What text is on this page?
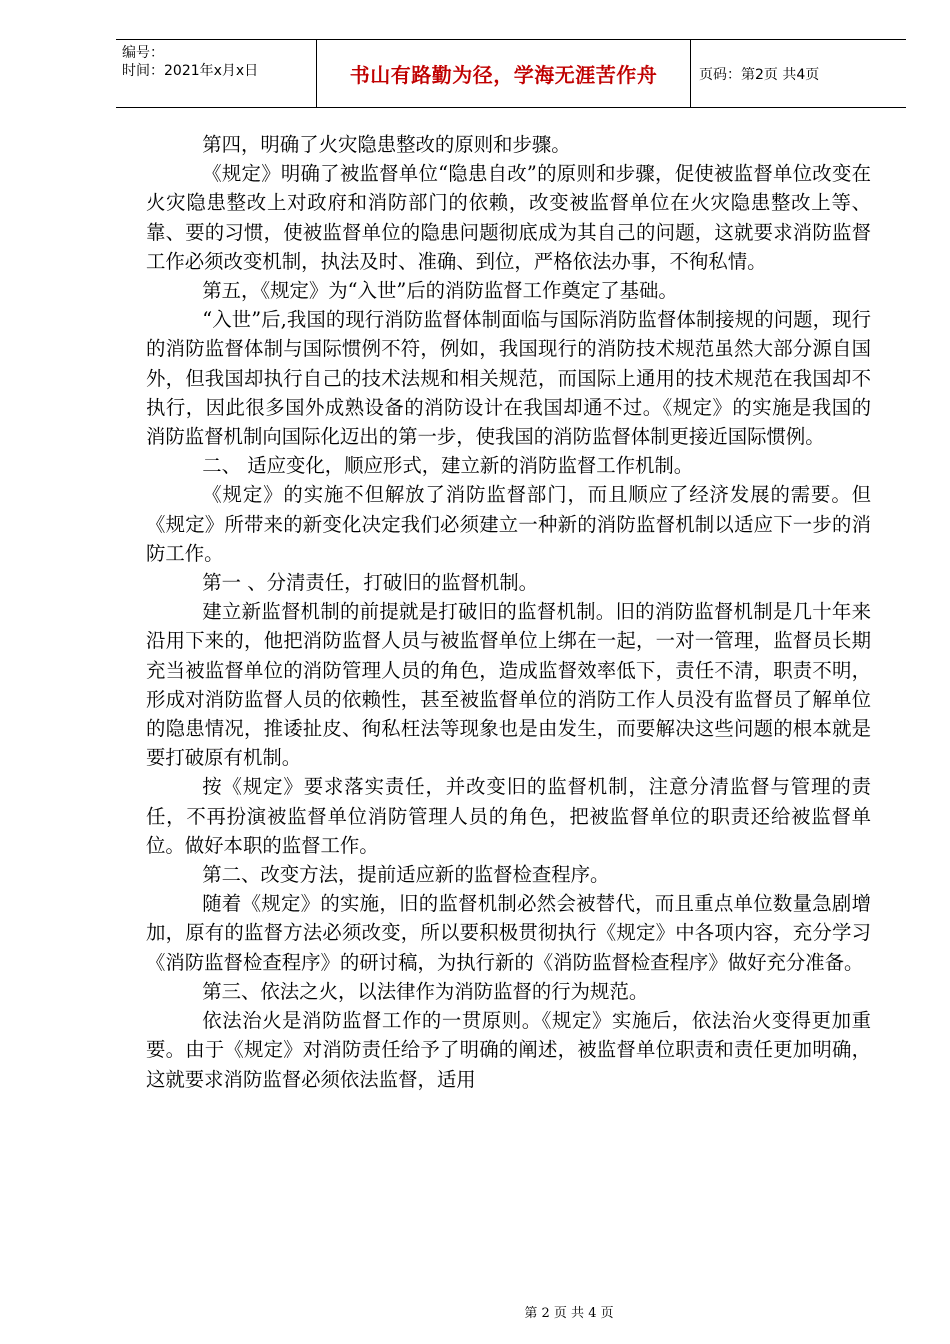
编号：
时间：2021年x月x日	书山有路勤为径，学海无涯苦作舟	页码：第2页 共4页

第四，明确了火灾隐患整改的原则和步骤。

《规定》明确了被监督单位“隐患自改”的原则和步骤，促使被监督单位改变在火灾隐患整改上对政府和消防部门的依赖，改变被监督单位在火灾隐患整改上等、靠、要的习惯，使被监督单位的隐患问题彻底成为其自己的问题，这就要求消防监督工作必须改变机制，执法及时、准确、到位，严格依法办事，不徇私情。

第五，《规定》为“入世”后的消防监督工作奠定了基础。

“入世”后,我国的现行消防监督体制面临与国际消防监督体制接规的问题，现行的消防监督体制与国际惯例不符，例如，我国现行的消防技术规范虽然大部分源自国外，但我国却执行自己的技术法规和相关规范，而国际上通用的技术规范在我国却不执行，因此很多国外成熟设备的消防设计在我国却通不过。《规定》的实施是我国的消防监督机制向国际化迈出的第一步，使我国的消防监督体制更接近国际惯例。

二、 适应变化，顺应形式，建立新的消防监督工作机制。

《规定》的实施不但解放了消防监督部门，而且顺应了经济发展的需要。但《规定》所带来的新变化决定我们必须建立一种新的消防监督机制以适应下一步的消防工作。

第一 、分清责任，打破旧的监督机制。

建立新监督机制的前提就是打破旧的监督机制。旧的消防监督机制是几十年来沿用下来的，他把消防监督人员与被监督单位上绑在一起，一对一管理，监督员长期充当被监督单位的消防管理人员的角色，造成监督效率低下，责任不清，职责不明，形成对消防监督人员的依赖性，甚至被监督单位的消防工作人员没有监督员了解单位的隐患情况，推诿扯皮、徇私枉法等现象也是由发生，而要解决这些问题的根本就是要打破原有机制。

按《规定》要求落实责任，并改变旧的监督机制，注意分清监督与管理的责任，不再扮演被监督单位消防管理人员的角色，把被监督单位的职责还给被监督单位。做好本职的监督工作。

第二、改变方法，提前适应新的监督检查程序。

随着《规定》的实施，旧的监督机制必然会被替代，而且重点单位数量急剧增加，原有的监督方法必须改变，所以要积极贯彻执行《规定》中各项内容，充分学习《消防监督检查程序》的研讨稿，为执行新的《消防监督检查程序》做好充分准备。

第三、依法之火，以法律作为消防监督的行为规范。

依法治火是消防监督工作的一贯原则。《规定》实施后，依法治火变得更加重要。由于《规定》对消防责任给予了明确的阐述，被监督单位职责和责任更加明确，这就要求消防监督必须依法监督，适用

第 2 页 共 4 页
